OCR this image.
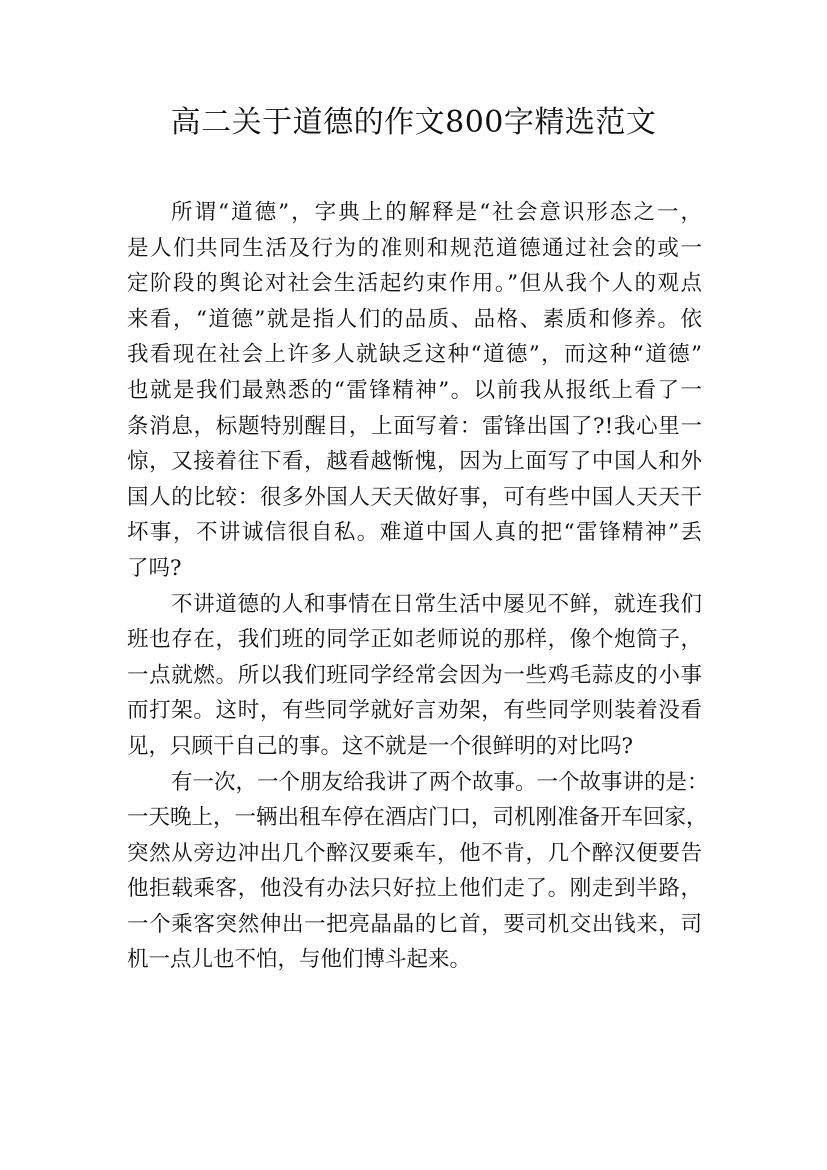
高二关于道德的作文800字精选范文
所谓“道德”，字典上的解释是“社会意识形态之一，
是人们共同生活及行为的准则和规范道德通过社会的或一
定阶段的舆论对社会生活起约束作用。”但从我个人的观点
来看，“道德”就是指人们的品质、品格、素质和修养。依
我看现在社会上许多人就缺乏这种“道德”，而这种“道德”
也就是我们最熟悉的“雷锋精神”。以前我从报纸上看了一
条消息，标题特别醒目，上面写着：雷锋出国了?!我心里一
惊，又接着往下看，越看越惭愧，因为上面写了中国人和外
国人的比较：很多外国人天天做好事，可有些中国人天天干
坏事，不讲诚信很自私。难道中国人真的把“雷锋精神”丢
了吗?
不讲道德的人和事情在日常生活中屡见不鲜，就连我们
班也存在，我们班的同学正如老师说的那样，像个炮筒子，
一点就燃。所以我们班同学经常会因为一些鸡毛蒜皮的小事
而打架。这时，有些同学就好言劝架，有些同学则装着没看
见，只顾干自己的事。这不就是一个很鲜明的对比吗?
有一次，一个朋友给我讲了两个故事。一个故事讲的是：
一天晚上，一辆出租车停在酒店门口，司机刚准备开车回家，
突然从旁边冲出几个醉汉要乘车，他不肯，几个醉汉便要告
他拒载乘客，他没有办法只好拉上他们走了。刚走到半路，
一个乘客突然伸出一把亮晶晶的匕首，要司机交出钱来，司
机一点儿也不怕，与他们博斗起来。
